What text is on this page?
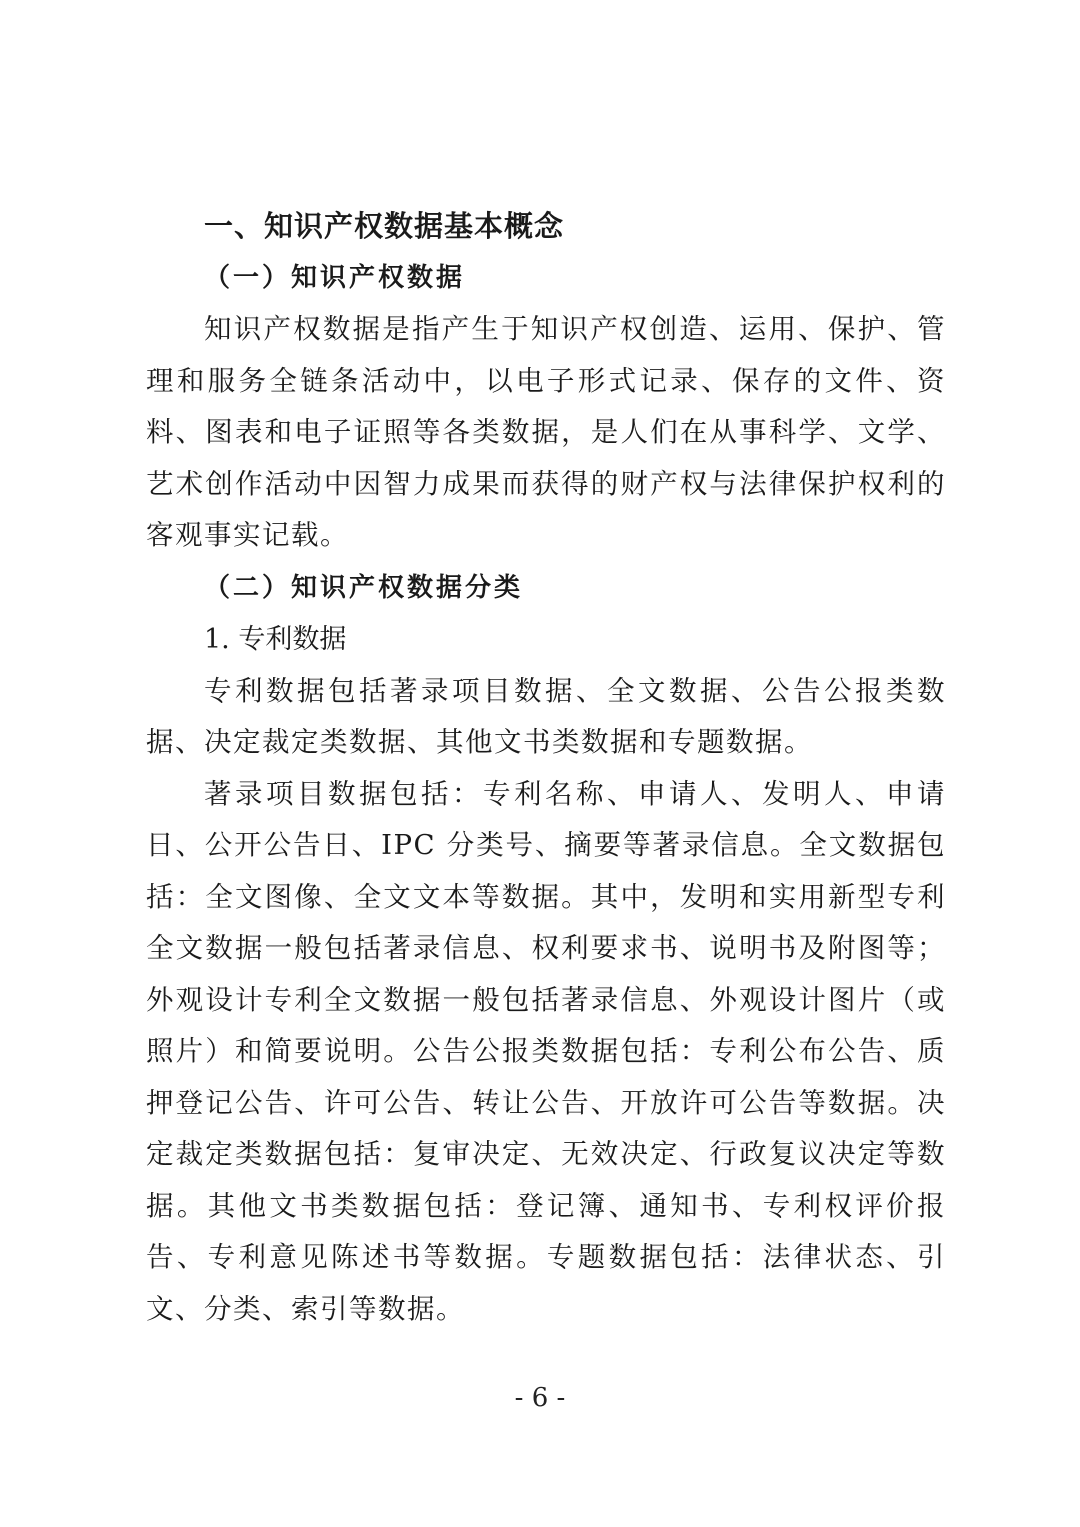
一、知识产权数据基本概念

（一）知识产权数据

知识产权数据是指产生于知识产权创造、运用、保护、管理和服务全链条活动中，以电子形式记录、保存的文件、资料、图表和电子证照等各类数据，是人们在从事科学、文学、艺术创作活动中因智力成果而获得的财产权与法律保护权利的客观事实记载。

（二）知识产权数据分类

1. 专利数据

专利数据包括著录项目数据、全文数据、公告公报类数据、决定裁定类数据、其他文书类数据和专题数据。

著录项目数据包括：专利名称、申请人、发明人、申请日、公开公告日、IPC 分类号、摘要等著录信息。全文数据包括：全文图像、全文文本等数据。其中，发明和实用新型专利全文数据一般包括著录信息、权利要求书、说明书及附图等；外观设计专利全文数据一般包括著录信息、外观设计图片（或照片）和简要说明。公告公报类数据包括：专利公布公告、质押登记公告、许可公告、转让公告、开放许可公告等数据。决定裁定类数据包括：复审决定、无效决定、行政复议决定等数据。其他文书类数据包括：登记簿、通知书、专利权评价报告、专利意见陈述书等数据。专题数据包括：法律状态、引文、分类、索引等数据。

- 6 -
